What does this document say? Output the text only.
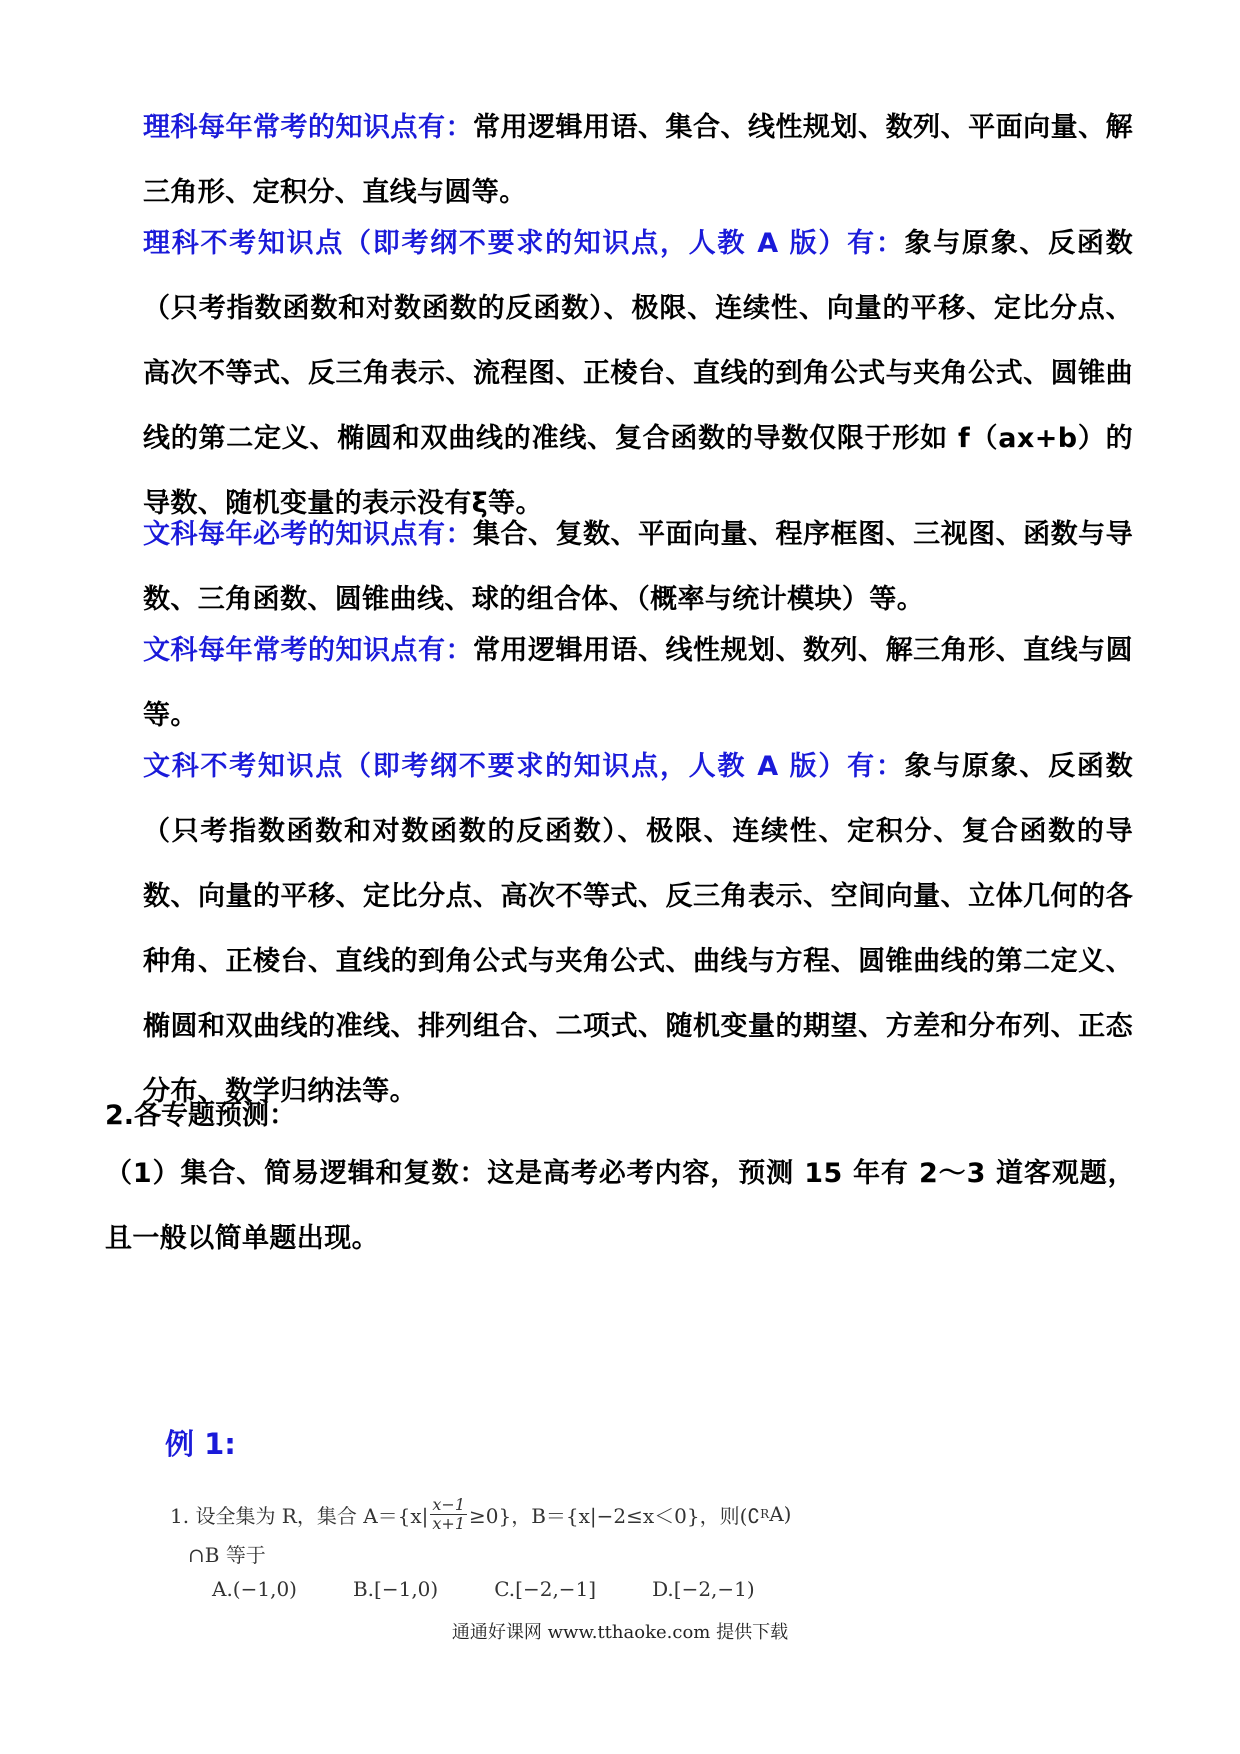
理科每年常考的知识点有：常用逻辑用语、集合、线性规划、数列、平面向量、解三角形、定积分、直线与圆等。
理科不考知识点（即考纲不要求的知识点，人教 A 版）有：象与原象、反函数（只考指数函数和对数函数的反函数）、极限、连续性、向量的平移、定比分点、高次不等式、反三角表示、流程图、正棱台、直线的到角公式与夹角公式、圆锥曲线的第二定义、椭圆和双曲线的准线、复合函数的导数仅限于形如 f（ax+b）的导数、随机变量的表示没有ξ等。
文科每年必考的知识点有：集合、复数、平面向量、程序框图、三视图、函数与导数、三角函数、圆锥曲线、球的组合体、（概率与统计模块）等。
文科每年常考的知识点有：常用逻辑用语、线性规划、数列、解三角形、直线与圆等。
文科不考知识点（即考纲不要求的知识点，人教 A 版）有：象与原象、反函数（只考指数函数和对数函数的反函数）、极限、连续性、定积分、复合函数的导数、向量的平移、定比分点、高次不等式、反三角表示、空间向量、立体几何的各种角、正棱台、直线的到角公式与夹角公式、曲线与方程、圆锥曲线的第二定义、椭圆和双曲线的准线、排列组合、二项式、随机变量的期望、方差和分布列、正态分布、数学归纳法等。
2.各专题预测：
（1）集合、简易逻辑和复数：这是高考必考内容，预测 15 年有 2～3 道客观题，且一般以简单题出现。
例 1:
1. 设全集为 R，集合 $A=\{x| \frac{x-1}{x+1} \ge 0\}$，B＝{x|−2≤x＜0}，则(∁ R A)
∩B 等于
A.(−1,0)	B.[−1,0)	C.[−2,−1]	D.[−2,−1)
通通好课网 www.tthaoke.com 提供下载
